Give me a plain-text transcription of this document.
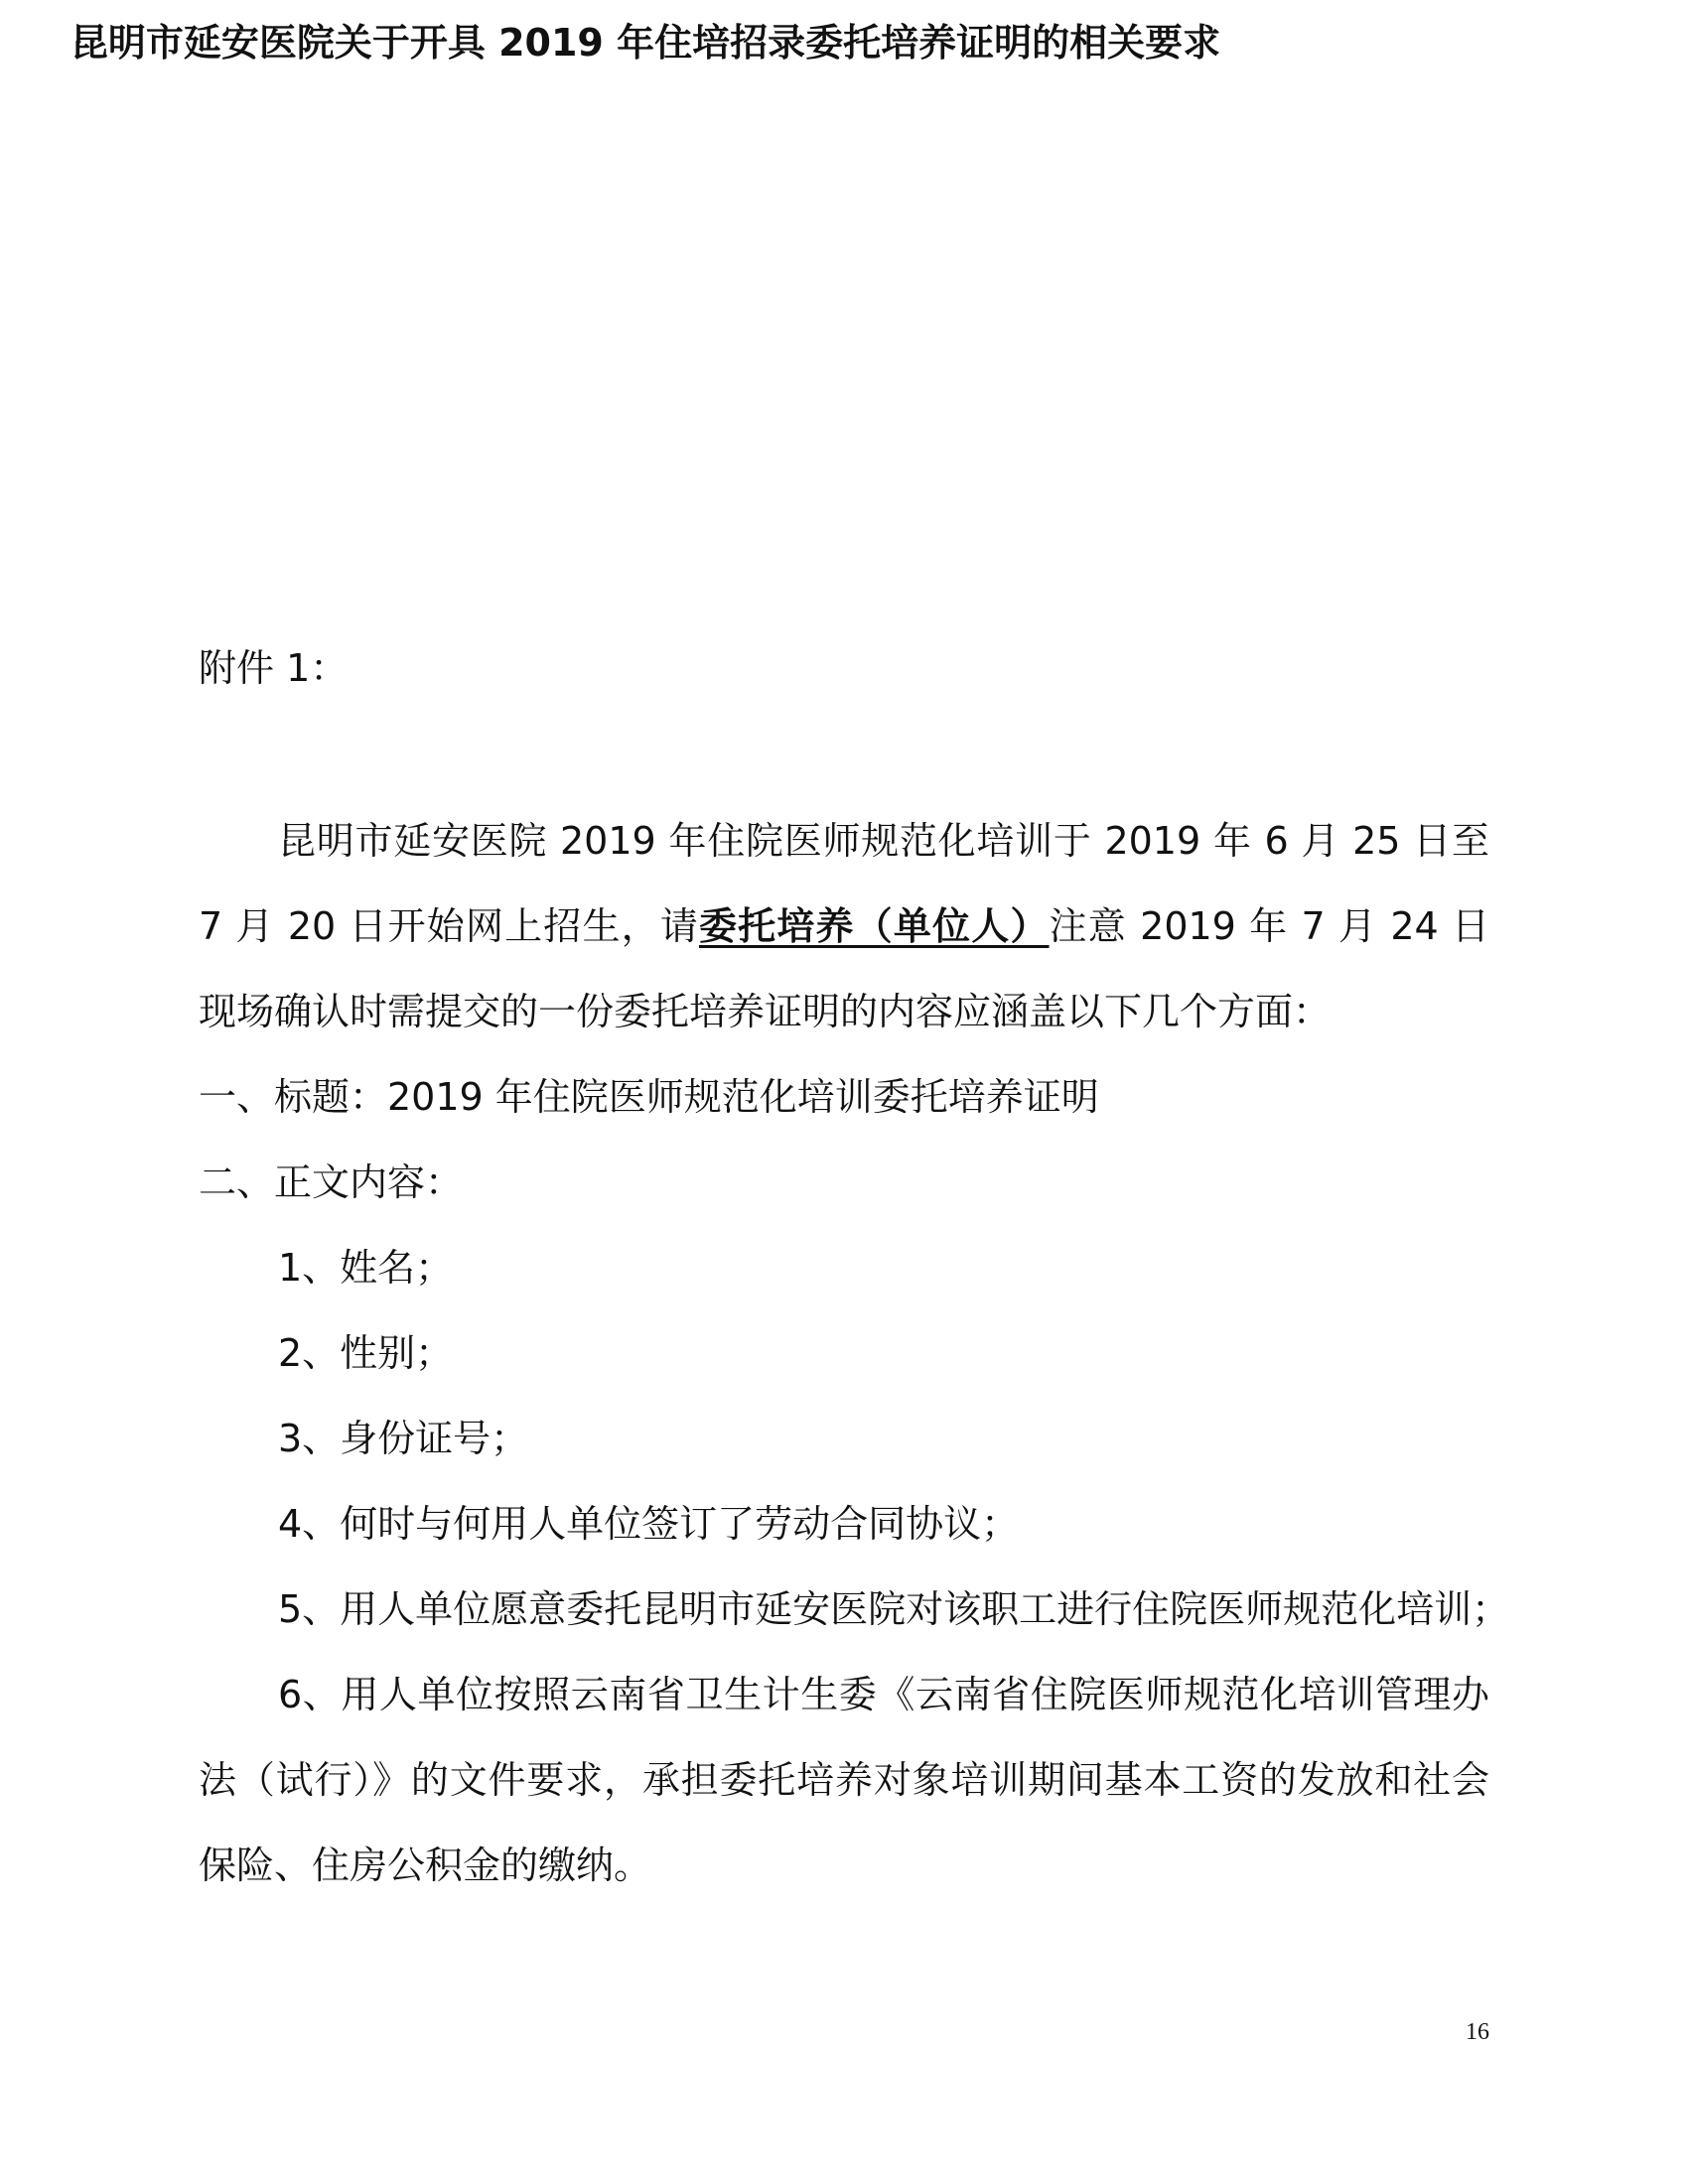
附件 1：
昆明市延安医院关于开具 2019 年住培招录委托培养证明的相关要求
昆明市延安医院 2019 年住院医师规范化培训于 2019 年 6 月 25 日至 7 月 20 日开始网上招生，请委托培养（单位人）注意 2019 年 7 月 24 日现场确认时需提交的一份委托培养证明的内容应涵盖以下几个方面：
一、标题：2019 年住院医师规范化培训委托培养证明
二、正文内容：
1、姓名；
2、性别；
3、身份证号；
4、何时与何用人单位签订了劳动合同协议；
5、用人单位愿意委托昆明市延安医院对该职工进行住院医师规范化培训；
6、用人单位按照云南省卫生计生委《云南省住院医师规范化培训管理办法（试行）》的文件要求，承担委托培养对象培训期间基本工资的发放和社会保险、住房公积金的缴纳。
16
